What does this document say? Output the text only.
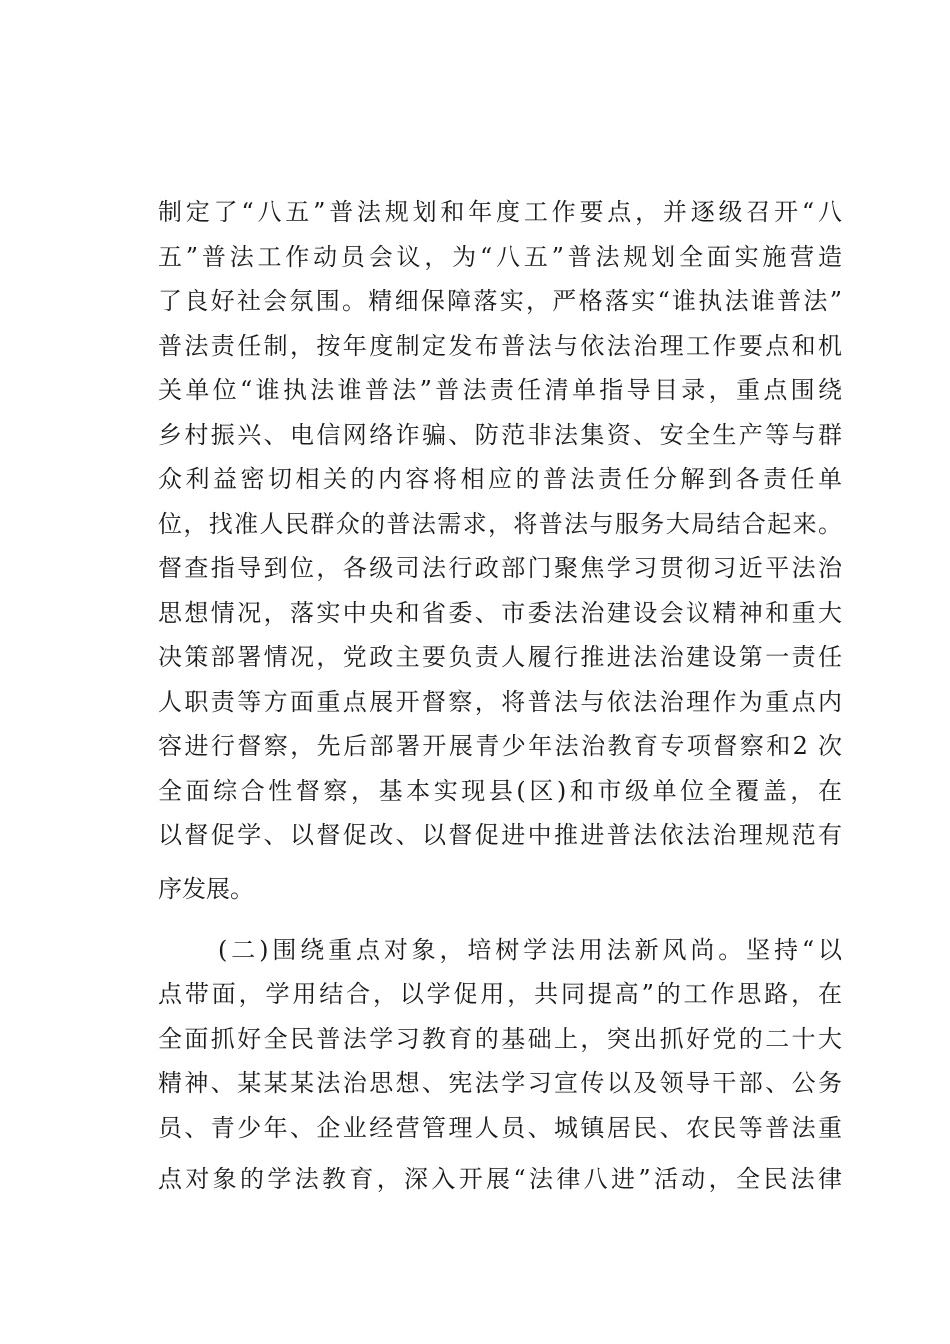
制定了“八五”普法规划和年度工作要点，并逐级召开“八
五”普法工作动员会议，为“八五”普法规划全面实施营造
了良好社会氛围。精细保障落实，严格落实“谁执法谁普法”
普法责任制，按年度制定发布普法与依法治理工作要点和机
关单位“谁执法谁普法”普法责任清单指导目录，重点围绕
乡村振兴、电信网络诈骗、防范非法集资、安全生产等与群
众利益密切相关的内容将相应的普法责任分解到各责任单
位，找准人民群众的普法需求，将普法与服务大局结合起来。
督查指导到位，各级司法行政部门聚焦学习贯彻习近平法治
思想情况，落实中央和省委、市委法治建设会议精神和重大
决策部署情况，党政主要负责人履行推进法治建设第一责任
人职责等方面重点展开督察，将普法与依法治理作为重点内
容进行督察，先后部署开展青少年法治教育专项督察和2 次
全面综合性督察，基本实现县(区)和市级单位全覆盖，在
以督促学、以督促改、以督促进中推进普法依法治理规范有
序发展。
(二)围绕重点对象，培树学法用法新风尚。坚持“以
点带面，学用结合，以学促用，共同提高”的工作思路，在
全面抓好全民普法学习教育的基础上，突出抓好党的二十大
精神、某某某法治思想、宪法学习宣传以及领导干部、公务
员、青少年、企业经营管理人员、城镇居民、农民等普法重
点对象的学法教育，深入开展“法律八进”活动，全民法律
